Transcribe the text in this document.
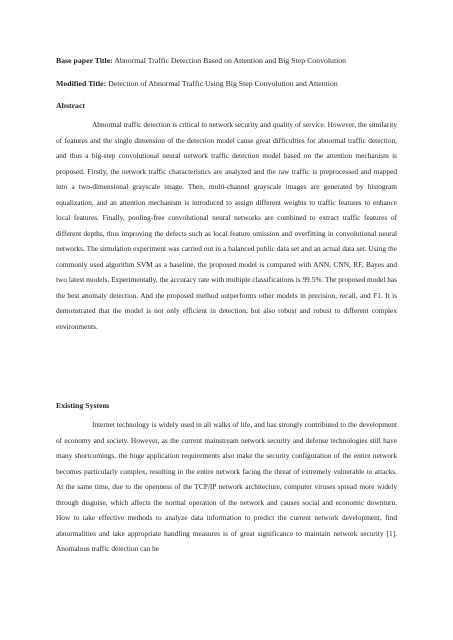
Base paper Title: Abnormal Traffic Detection Based on Attention and Big Step Convolution
Modified Title: Detection of Abnormal Traffic Using Big Step Convolution and Attention
Abstract

Abnormal traffic detection is critical to network security and quality of service. However, the similarity of features and the single dimension of the detection model cause great difficulties for abnormal traffic detection, and thus a big-step convolutional neural network traffic detection model based on the attention mechanism is proposed. Firstly, the network traffic characteristics are analyzed and the raw traffic is preprocessed and mapped into a two-dimensional grayscale image. Then, multi-channel grayscale images are generated by histogram equalization, and an attention mechanism is introduced to assign different weights to traffic features to enhance local features. Finally, pooling-free convolutional neural networks are combined to extract traffic features of different depths, thus improving the defects such as local feature omission and overfitting in convolutional neural networks. The simulation experiment was carried out in a balanced public data set and an actual data set. Using the commonly used algorithm SVM as a baseline, the proposed model is compared with ANN, CNN, RF, Bayes and two latest models. Experimentally, the accuracy rate with multiple classifications is 99.5%. The proposed model has the best anomaly detection. And the proposed method outperforms other models in precision, recall, and F1. It is demonstrated that the model is not only efficient in detection, but also robust and robust to different complex environments.

Existing System

Internet technology is widely used in all walks of life, and has strongly contributed to the development of economy and society. However, as the current mainstream network security and defense technologies still have many shortcomings, the huge application requirements also make the security configuration of the entire network becomes particularly complex, resulting in the entire network facing the threat of extremely vulnerable to attacks. At the same time, due to the openness of the TCP/IP network architecture, computer viruses spread more widely through disguise, which affects the normal operation of the network and causes social and economic downturn. How to take effective methods to analyze data information to predict the current network development, find abnormalities and take appropriate handling measures is of great significance to maintain network security [1]. Anomalous traffic detection can be
